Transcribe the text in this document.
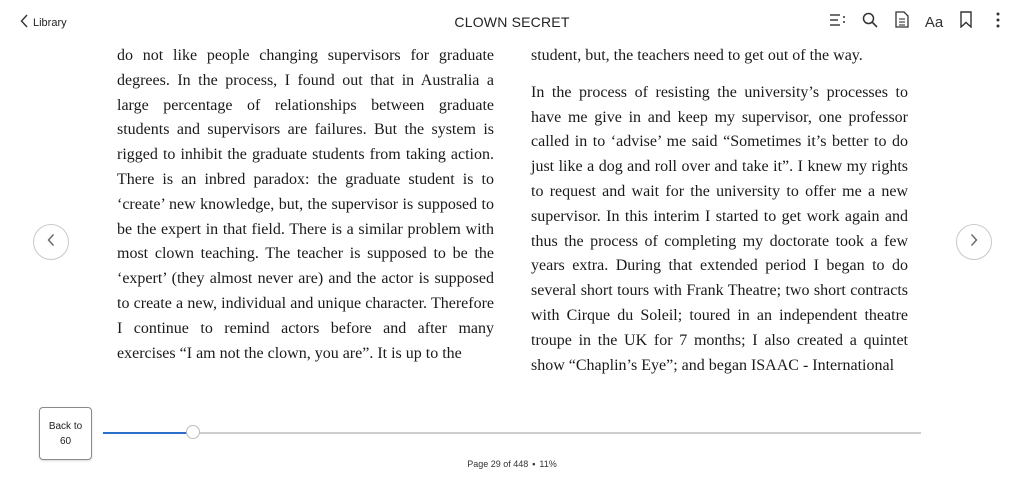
Library	CLOWN SECRET	Aa

do not like people changing supervisors for graduate degrees. In the process, I found out that in Australia a large percentage of relationships between graduate students and supervisors are failures. But the system is rigged to inhibit the graduate students from taking action. There is an inbred paradox: the graduate student is to ‘create’ new knowledge, but, the supervisor is supposed to be the expert in that field. There is a similar problem with most clown teaching. The teacher is supposed to be the ‘expert’ (they almost never are) and the actor is supposed to create a new, individual and unique character. Therefore I continue to remind actors before and after many exercises “I am not the clown, you are”. It is up to the

student, but, the teachers need to get out of the way.

In the process of resisting the university’s processes to have me give in and keep my supervisor, one professor called in to ‘advise’ me said “Sometimes it’s better to do just like a dog and roll over and take it”. I knew my rights to request and wait for the university to offer me a new supervisor. In this interim I started to get work again and thus the process of completing my doctorate took a few years extra. During that extended period I began to do several short tours with Frank Theatre; two short contracts with Cirque du Soleil; toured in an independent theatre troupe in the UK for 7 months; I also created a quintet show “Chaplin’s Eye”; and began ISAAC - International

Back to
60
Page 29 of 448 • 11%
